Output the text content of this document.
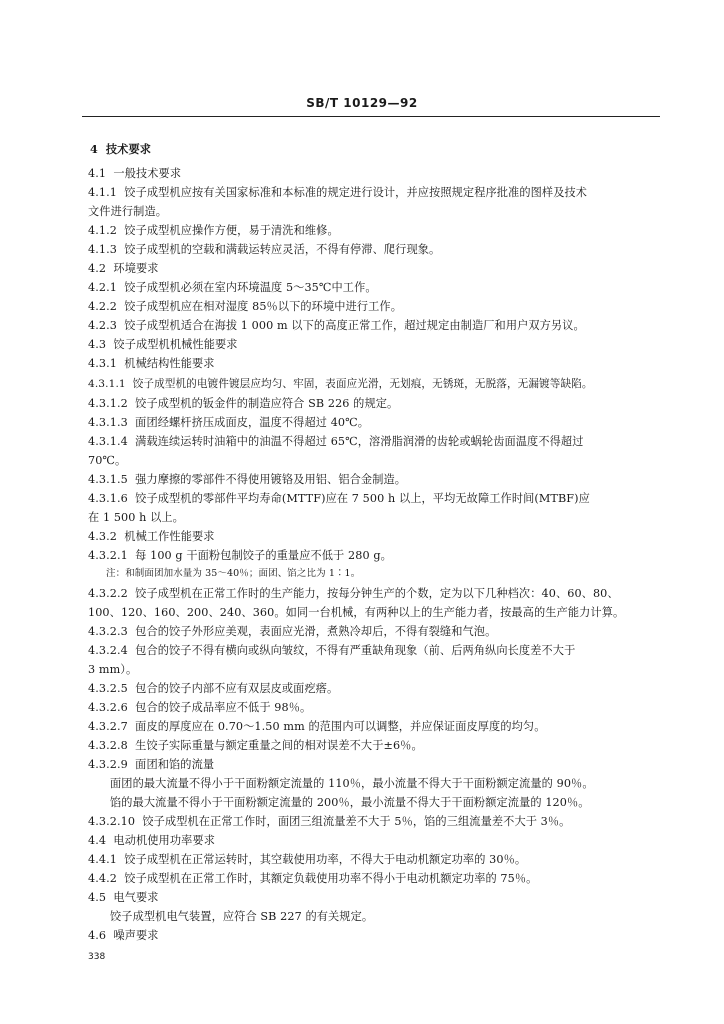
SB/T 10129—92
4  技术要求
4.1  一般技术要求
4.1.1  饺子成型机应按有关国家标准和本标准的规定进行设计，并应按照规定程序批准的图样及技术
文件进行制造。
4.1.2  饺子成型机应操作方便，易于清洗和维修。
4.1.3  饺子成型机的空载和满载运转应灵活，不得有停滞、爬行现象。
4.2  环境要求
4.2.1  饺子成型机必须在室内环境温度 5～35℃中工作。
4.2.2  饺子成型机应在相对湿度 85％以下的环境中进行工作。
4.2.3  饺子成型机适合在海拔 1 000 m 以下的高度正常工作，超过规定由制造厂和用户双方另议。
4.3  饺子成型机机械性能要求
4.3.1  机械结构性能要求
4.3.1.1  饺子成型机的电镀件镀层应均匀、牢固，表面应光滑，无划痕，无锈斑，无脱落，无漏镀等缺陷。
4.3.1.2  饺子成型机的钣金件的制造应符合 SB 226 的规定。
4.3.1.3  面团经螺杆挤压成面皮，温度不得超过 40℃。
4.3.1.4  满载连续运转时油箱中的油温不得超过 65℃，溶滑脂润滑的齿轮或蜗轮齿面温度不得超过
70℃。
4.3.1.5  强力摩擦的零部件不得使用镀铬及用铝、铝合金制造。
4.3.1.6  饺子成型机的零部件平均寿命(MTTF)应在 7 500 h 以上，平均无故障工作时间(MTBF)应
在 1 500 h 以上。
4.3.2  机械工作性能要求
4.3.2.1  每 100 g 干面粉包制饺子的重量应不低于 280 g。
注：和制面团加水量为 35～40％；面团、馅之比为 1∶1。
4.3.2.2  饺子成型机在正常工作时的生产能力，按每分钟生产的个数，定为以下几种档次：40、60、80、
100、120、160、200、240、360。如同一台机械，有两种以上的生产能力者，按最高的生产能力计算。
4.3.2.3  包合的饺子外形应美观，表面应光滑，煮熟冷却后，不得有裂缝和气泡。
4.3.2.4  包合的饺子不得有横向或纵向皱纹，不得有严重缺角现象（前、后两角纵向长度差不大于
3 mm）。
4.3.2.5  包合的饺子内部不应有双层皮或面疙瘩。
4.3.2.6  包合的饺子成品率应不低于 98％。
4.3.2.7  面皮的厚度应在 0.70～1.50 mm 的范围内可以调整，并应保证面皮厚度的均匀。
4.3.2.8  生饺子实际重量与额定重量之间的相对误差不大于±6％。
4.3.2.9  面团和馅的流量
面团的最大流量不得小于干面粉额定流量的 110％，最小流量不得大于干面粉额定流量的 90％。
馅的最大流量不得小于干面粉额定流量的 200％，最小流量不得大于干面粉额定流量的 120％。
4.3.2.10  饺子成型机在正常工作时，面团三组流量差不大于 5％，馅的三组流量差不大于 3％。
4.4  电动机使用功率要求
4.4.1  饺子成型机在正常运转时，其空载使用功率，不得大于电动机额定功率的 30％。
4.4.2  饺子成型机在正常工作时，其额定负载使用功率不得小于电动机额定功率的 75％。
4.5  电气要求
饺子成型机电气装置，应符合 SB 227 的有关规定。
4.6  噪声要求
338
